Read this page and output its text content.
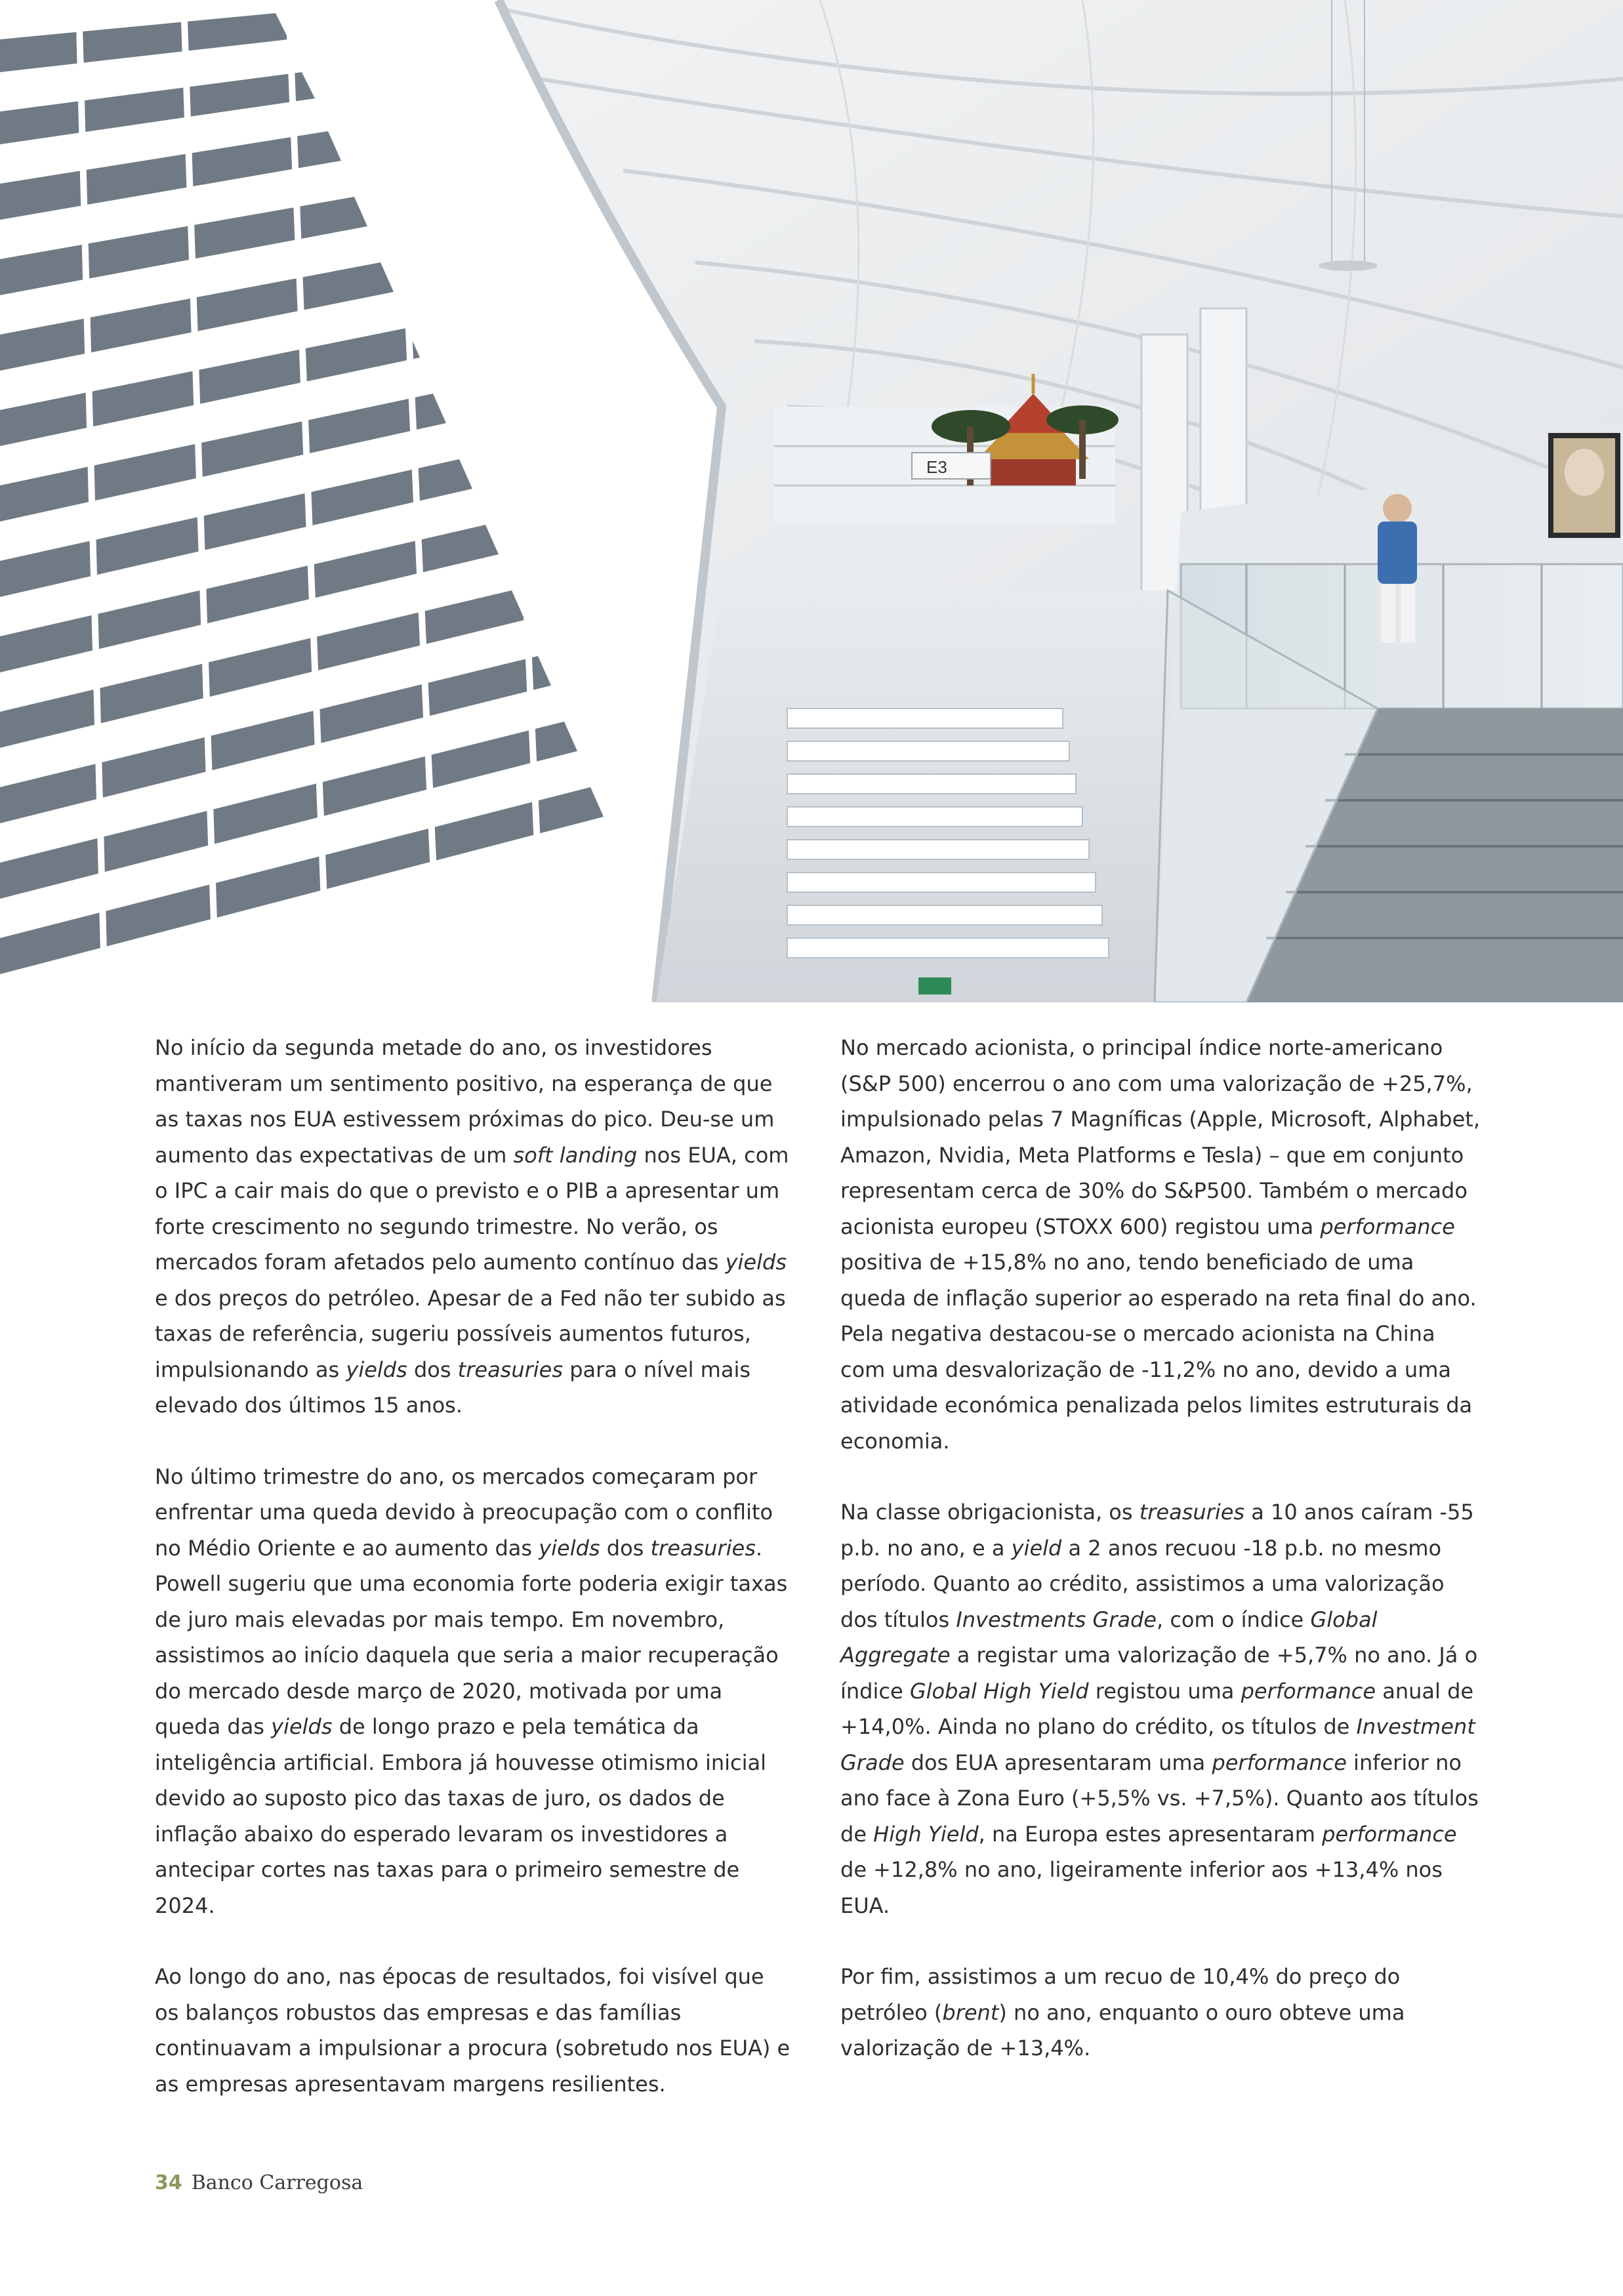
E3

No início da segunda metade do ano, os investidores mantiveram um sentimento positivo, na esperança de que as taxas nos EUA estivessem próximas do pico. Deu-se um aumento das expectativas de um soft landing nos EUA, com o IPC a cair mais do que o previsto e o PIB a apresentar um forte crescimento no segundo trimestre. No verão, os mercados foram afetados pelo aumento contínuo das yields e dos preços do petróleo. Apesar de a Fed não ter subido as taxas de referência, sugeriu possíveis aumentos futuros, impulsionando as yields dos treasuries para o nível mais elevado dos últimos 15 anos.

No último trimestre do ano, os mercados começaram por enfrentar uma queda devido à preocupação com o conflito no Médio Oriente e ao aumento das yields dos treasuries. Powell sugeriu que uma economia forte poderia exigir taxas de juro mais elevadas por mais tempo. Em novembro, assistimos ao início daquela que seria a maior recuperação do mercado desde março de 2020, motivada por uma queda das yields de longo prazo e pela temática da inteligência artificial. Embora já houvesse otimismo inicial devido ao suposto pico das taxas de juro, os dados de inflação abaixo do esperado levaram os investidores a antecipar cortes nas taxas para o primeiro semestre de 2024.

Ao longo do ano, nas épocas de resultados, foi visível que os balanços robustos das empresas e das famílias continuavam a impulsionar a procura (sobretudo nos EUA) e as empresas apresentavam margens resilientes.

No mercado acionista, o principal índice norte-americano (S&P 500) encerrou o ano com uma valorização de +25,7%, impulsionado pelas 7 Magníficas (Apple, Microsoft, Alphabet, Amazon, Nvidia, Meta Platforms e Tesla) – que em conjunto representam cerca de 30% do S&P500. Também o mercado acionista europeu (STOXX 600) registou uma performance positiva de +15,8% no ano, tendo beneficiado de uma queda de inflação superior ao esperado na reta final do ano. Pela negativa destacou-se o mercado acionista na China com uma desvalorização de -11,2% no ano, devido a uma atividade económica penalizada pelos limites estruturais da economia.

Na classe obrigacionista, os treasuries a 10 anos caíram -55 p.b. no ano, e a yield a 2 anos recuou -18 p.b. no mesmo período. Quanto ao crédito, assistimos a uma valorização dos títulos Investments Grade, com o índice Global Aggregate a registar uma valorização de +5,7% no ano. Já o índice Global High Yield registou uma performance anual de +14,0%. Ainda no plano do crédito, os títulos de Investment Grade dos EUA apresentaram uma performance inferior no ano face à Zona Euro (+5,5% vs. +7,5%). Quanto aos títulos de High Yield, na Europa estes apresentaram performance de +12,8% no ano, ligeiramente inferior aos +13,4% nos EUA.

Por fim, assistimos a um recuo de 10,4% do preço do petróleo (brent) no ano, enquanto o ouro obteve uma valorização de +13,4%.

34 Banco Carregosa
